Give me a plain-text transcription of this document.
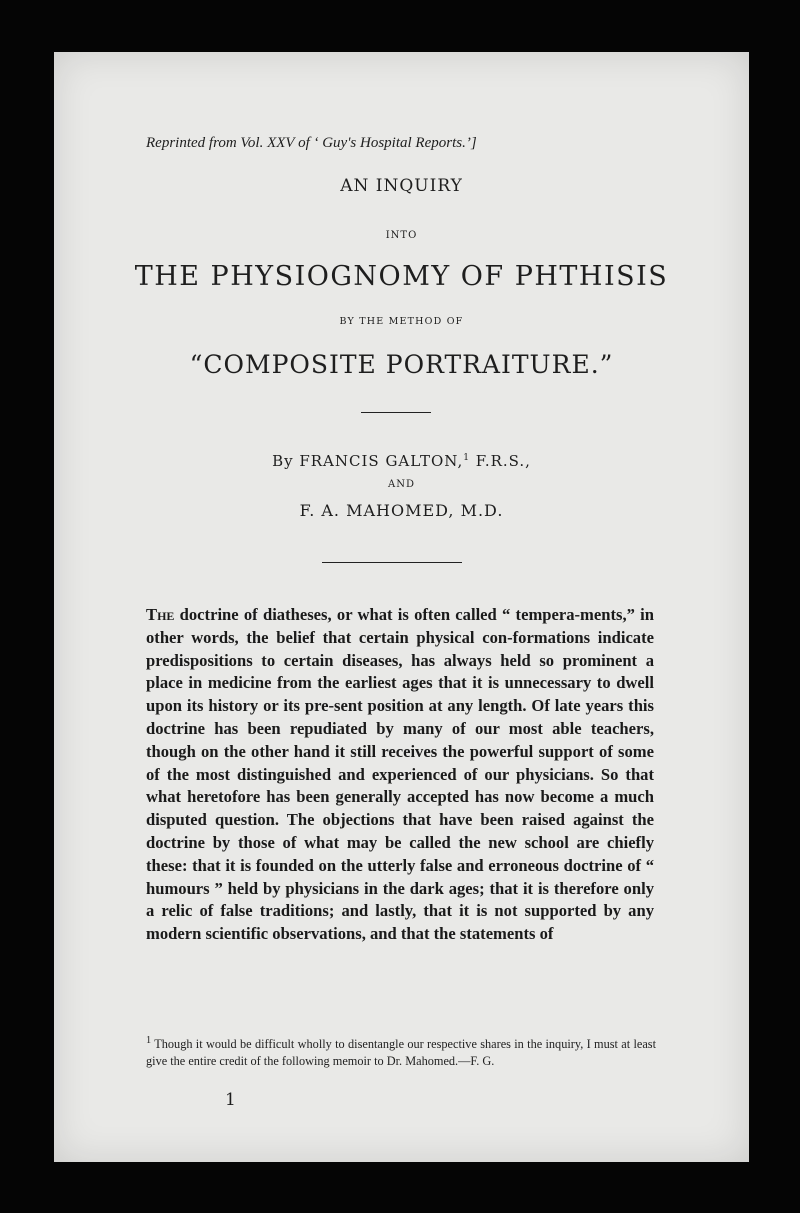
Reprinted from Vol. XXV of ‘ Guy's Hospital Reports.’]
AN INQUIRY
INTO
THE PHYSIOGNOMY OF PHTHISIS
BY THE METHOD OF
“COMPOSITE PORTRAITURE.”
By FRANCIS GALTON,$^1$ F.R.S.,
AND
F. A. MAHOMED, M.D.
The doctrine of diatheses, or what is often called “ tempera-ments,” in other words, the belief that certain physical con-formations indicate predispositions to certain diseases, has always held so prominent a place in medicine from the earliest ages that it is unnecessary to dwell upon its history or its pre-sent position at any length. Of late years this doctrine has been repudiated by many of our most able teachers, though on the other hand it still receives the powerful support of some of the most distinguished and experienced of our physicians. So that what heretofore has been generally accepted has now become a much disputed question. The objections that have been raised against the doctrine by those of what may be called the new school are chiefly these: that it is founded on the utterly false and erroneous doctrine of “ humours ” held by physicians in the dark ages; that it is therefore only a relic of false traditions; and lastly, that it is not supported by any modern scientific observations, and that the statements of
$^1$ Though it would be difficult wholly to disentangle our respective shares in the inquiry, I must at least give the entire credit of the following memoir to Dr. Mahomed.—F. G.
1
